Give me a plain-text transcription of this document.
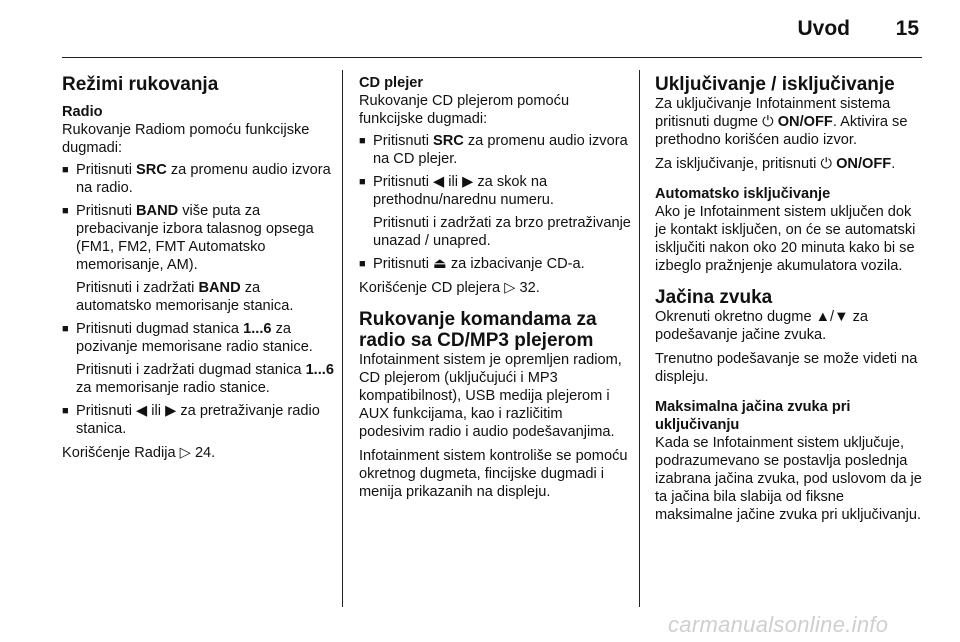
Uvod 15
Režimi rukovanja
Radio

Rukovanje Radiom pomoću funkcijske dugmadi:

■ Pritisnuti SRC za promenu audio izvora na radio.
■ Pritisnuti BAND više puta za prebacivanje izbora talasnog opsega (FM1, FM2, FMT Automatsko memorisanje, AM).
Pritisnuti i zadržati BAND za automatsko memorisanje stanica.
■ Pritisnuti dugmad stanica 1...6 za pozivanje memorisane radio stanice.
Pritisnuti i zadržati dugmad stanica 1...6 za memorisanje radio stanice.
■ Pritisnuti ◀ ili ▶ za pretraživanje radio stanica.

Korišćenje Radija ▷ 24.

CD plejer

Rukovanje CD plejerom pomoću funkcijske dugmadi:

■ Pritisnuti SRC za promenu audio izvora na CD plejer.
■ Pritisnuti ◀ ili ▶ za skok na prethodnu/narednu numeru.
Pritisnuti i zadržati za brzo pretraživanje unazad / unapred.
■ Pritisnuti ⏏ za izbacivanje CD-a.

Korišćenje CD plejera ▷ 32.

Rukovanje komandama za radio sa CD/MP3 plejerom

Infotainment sistem je opremljen radiom, CD plejerom (uključujući i MP3 kompatibilnost), USB medija plejerom i AUX funkcijama, kao i različitim podesivim radio i audio podešavanjima.

Infotainment sistem kontroliše se pomoću okretnog dugmeta, fincijske dugmadi i menija prikazanih na displeju.

Uključivanje / isključivanje

Za uključivanje Infotainment sistema pritisnuti dugme ⏻ ON/OFF. Aktivira se prethodno korišćen audio izvor.

Za isključivanje, pritisnuti ⏻ ON/OFF.

Automatsko isključivanje

Ako je Infotainment sistem uključen dok je kontakt isključen, on će se automatski isključiti nakon oko 20 minuta kako bi se izbeglo pražnjenje akumulatora vozila.

Jačina zvuka

Okrenuti okretno dugme ▲/▼ za podešavanje jačine zvuka.

Trenutno podešavanje se može videti na displeju.

Maksimalna jačina zvuka pri uključivanju

Kada se Infotainment sistem uključuje, podrazumevano se postavlja poslednja izabrana jačina zvuka, pod uslovom da je ta jačina bila slabija od fiksne maksimalne jačine zvuka pri uključivanju.

carmanualsonline.info
